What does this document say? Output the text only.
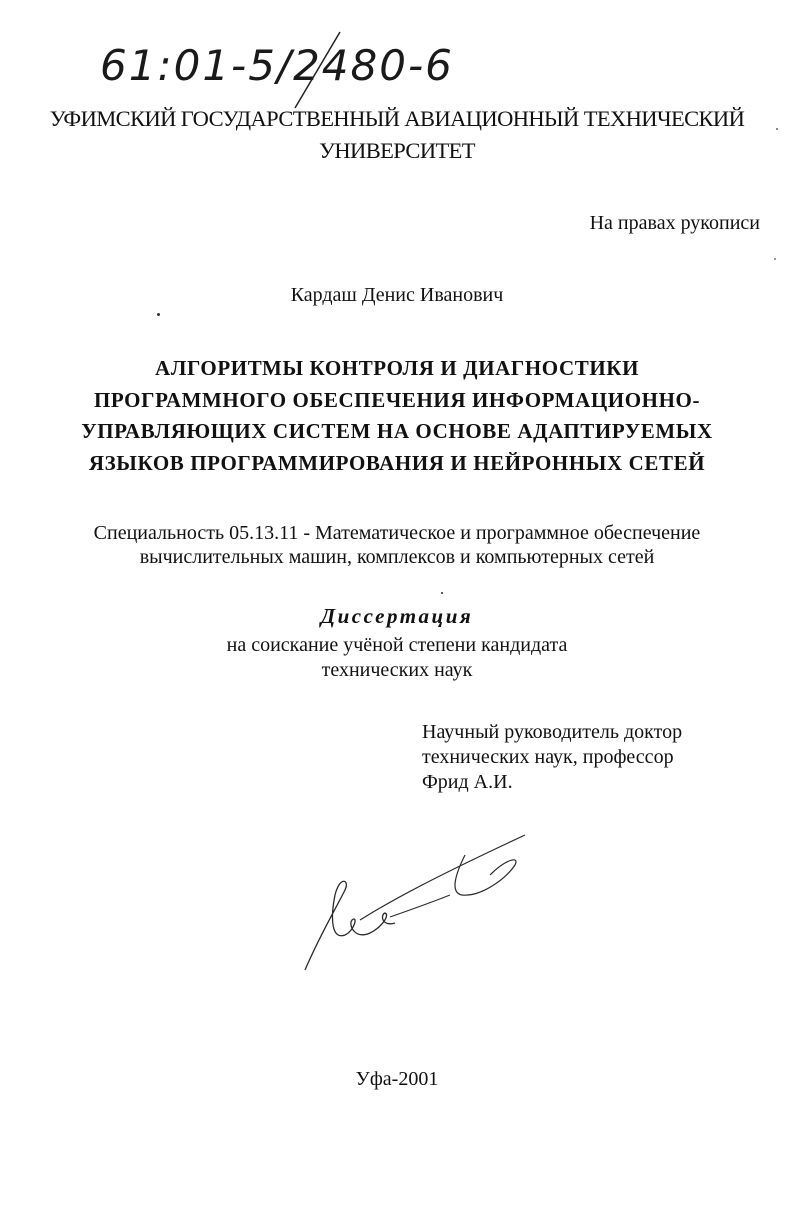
61:01-5/2480-6
УФИМСКИЙ ГОСУДАРСТВЕННЫЙ АВИАЦИОННЫЙ ТЕХНИЧЕСКИЙ
УНИВЕРСИТЕТ
На правах рукописи
Кардаш Денис Иванович
АЛГОРИТМЫ КОНТРОЛЯ И ДИАГНОСТИКИ
ПРОГРАММНОГО ОБЕСПЕЧЕНИЯ ИНФОРМАЦИОННО-
УПРАВЛЯЮЩИХ СИСТЕМ НА ОСНОВЕ АДАПТИРУЕМЫХ
ЯЗЫКОВ ПРОГРАММИРОВАНИЯ И НЕЙРОННЫХ СЕТЕЙ
Специальность 05.13.11 - Математическое и программное обеспечение
вычислительных машин, комплексов и компьютерных сетей
Диссертация
на соискание учёной степени кандидата
технических наук
Научный руководитель доктор
технических наук, профессор
Фрид А.И.
Уфа-2001
